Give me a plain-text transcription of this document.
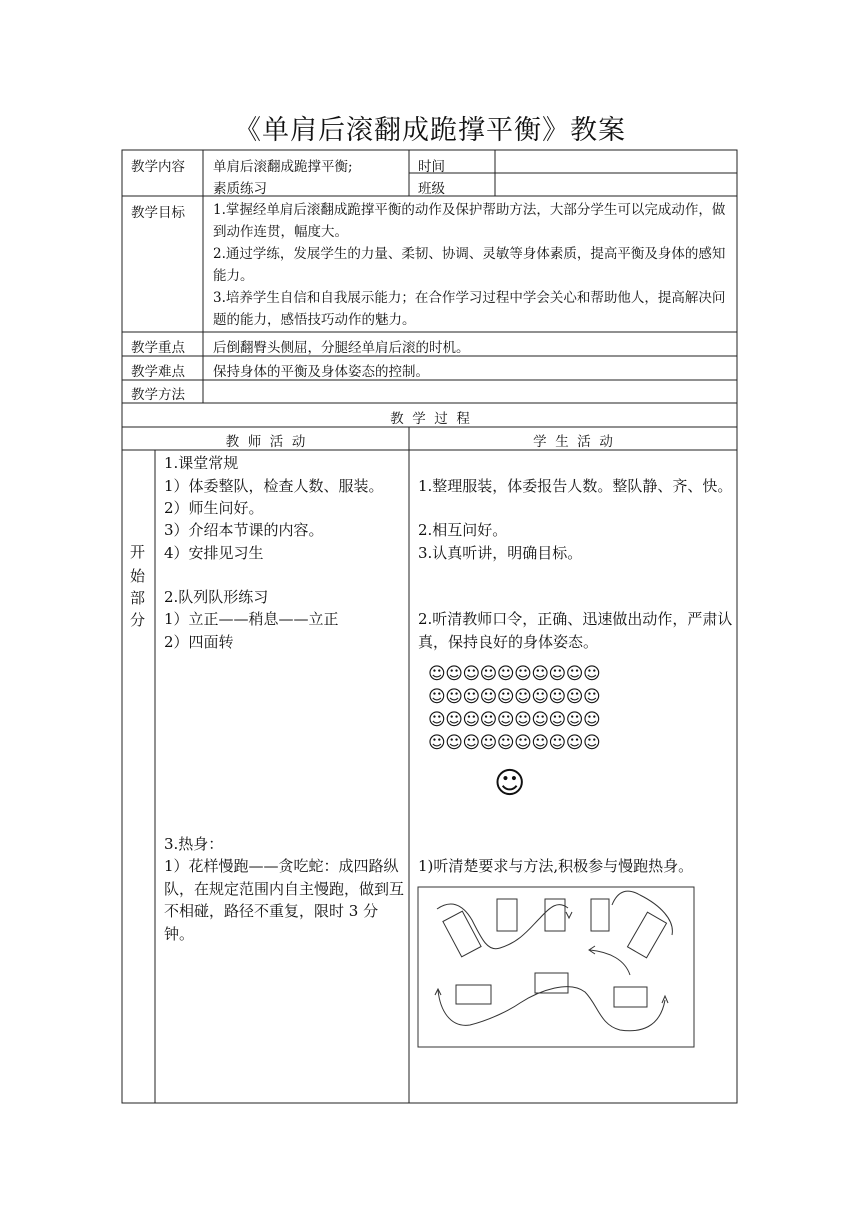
《单肩后滚翻成跪撑平衡》教案
教学内容 单肩后滚翻成跪撑平衡;
素质练习
时间
班级
教学目标 1.掌握经单肩后滚翻成跪撑平衡的动作及保护帮助方法，大部分学生可以完成动作，做到动作连贯，幅度大。
2.通过学练，发展学生的力量、柔韧、协调、灵敏等身体素质，提高平衡及身体的感知能力。
3.培养学生自信和自我展示能力；在合作学习过程中学会关心和帮助他人，提高解决问题的能力，感悟技巧动作的魅力。
教学重点 后倒翻臀头侧屈，分腿经单肩后滚的时机。
教学难点 保持身体的平衡及身体姿态的控制。
教学方法
教  学  过  程
教  师  活  动	学  生  活  动
开
始
部
分
1.课堂常规
1）体委整队，检查人数、服装。
2）师生问好。
3）介绍本节课的内容。
4）安排见习生
2.队列队形练习
1）立正——稍息——立正
2）四面转
3.热身：
1）花样慢跑——贪吃蛇：成四路纵队，在规定范围内自主慢跑，做到互不相碰，路径不重复，限时 3 分钟。
1.整理服装，体委报告人数。整队静、齐、快。
2.相互问好。
3.认真听讲，明确目标。
2.听清教师口令，正确、迅速做出动作，严肃认真，保持良好的身体姿态。
☺☺☺☺☺☺☺☺☺☺
☺☺☺☺☺☺☺☺☺☺
☺☺☺☺☺☺☺☺☺☺
☺☺☺☺☺☺☺☺☺☺
☺
1)听清楚要求与方法,积极参与慢跑热身。
